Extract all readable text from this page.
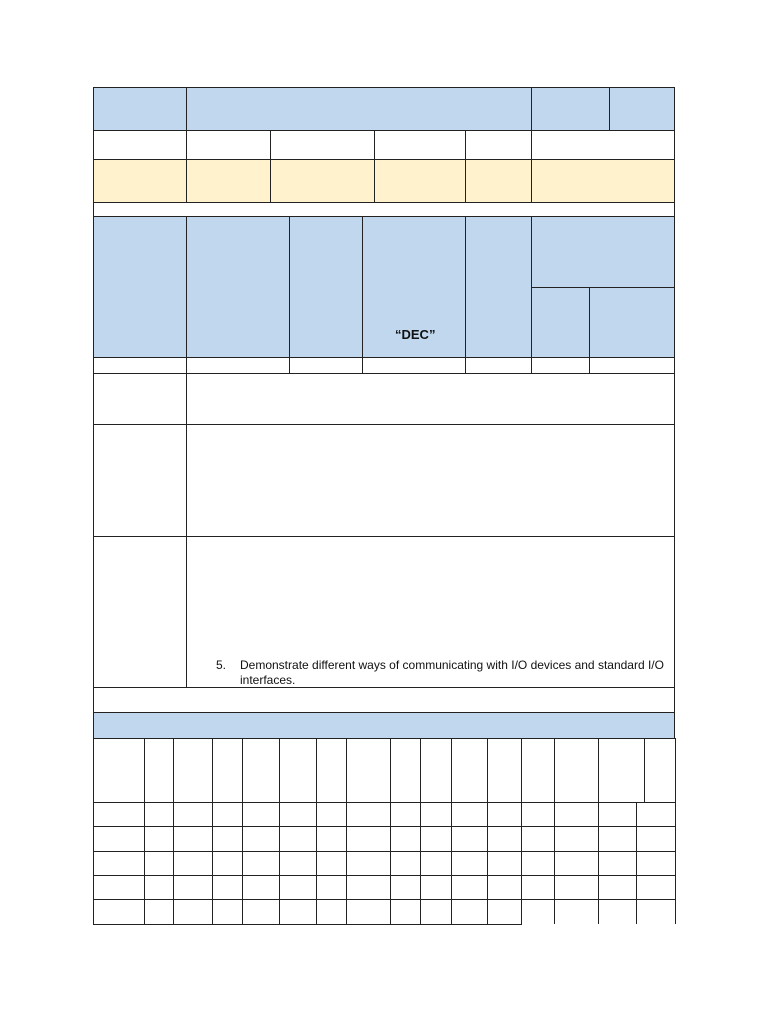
“DEC”
5.	Demonstrate different ways of communicating with I/O devices and standard I/O interfaces.
